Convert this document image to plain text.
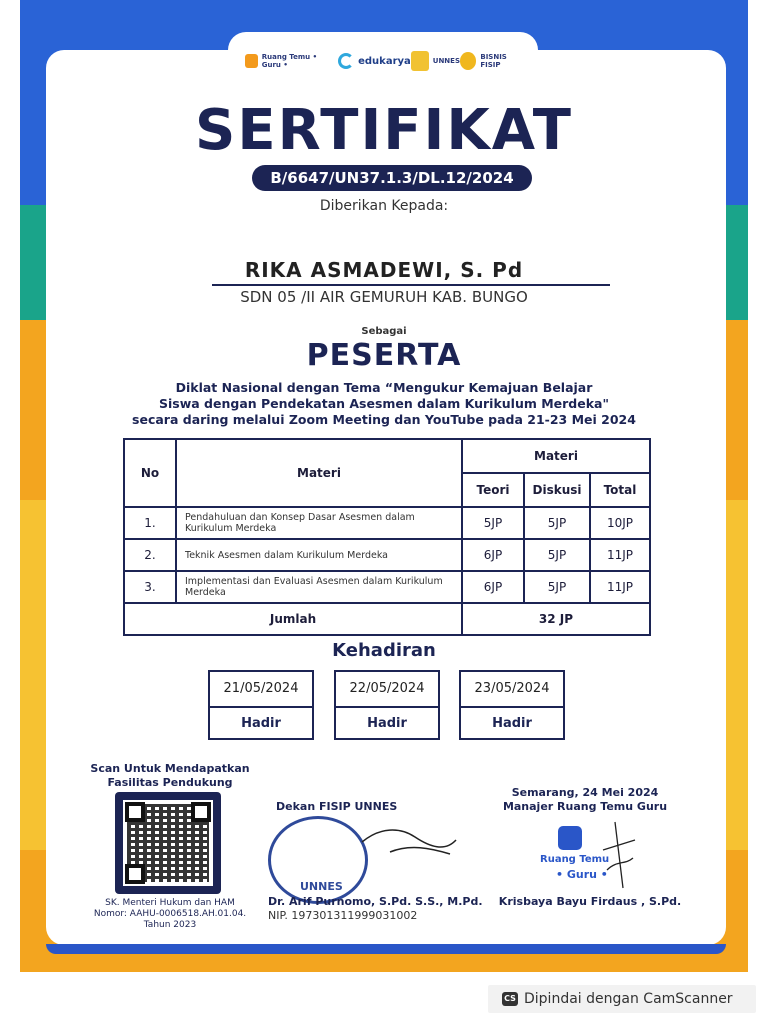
Ruang Temu • Guru •	edukarya	UNNES	BISNIS FISIP
SERTIFIKAT
B/6647/UN37.1.3/DL.12/2024
Diberikan Kepada:
RIKA ASMADEWI, S. Pd
SDN 05 /II AIR GEMURUH KAB. BUNGO
Sebagai
PESERTA
Diklat Nasional dengan Tema “Mengukur Kemajuan Belajar
Siswa dengan Pendekatan Asesmen dalam Kurikulum Merdeka"
secara daring melalui Zoom Meeting dan YouTube pada 21-23 Mei 2024
No	Materi	Materi		
		Teori	Diskusi	Total
1.	Pendahuluan dan Konsep Dasar Asesmen dalam Kurikulum Merdeka	5JP	5JP	10JP
2.	Teknik Asesmen dalam Kurikulum Merdeka	6JP	5JP	11JP
3.	Implementasi dan Evaluasi Asesmen dalam Kurikulum Merdeka	6JP	5JP	11JP
Jumlah		32 JP		
Kehadiran
21/05/2024
Hadir
22/05/2024
Hadir
23/05/2024
Hadir
Scan Untuk Mendapatkan
Fasilitas Pendukung
SK. Menteri Hukum dan HAM
Nomor: AAHU-0006518.AH.01.04.
Tahun 2023
Dekan FISIP UNNES
UNNES
Dr. Arif Purnomo, S.Pd. S.S., M.Pd.
NIP. 197301311999031002
Semarang, 24 Mei 2024
Manajer Ruang Temu Guru
Ruang Temu
• Guru •
Krisbaya Bayu Firdaus , S.Pd.
CS Dipindai dengan CamScanner
